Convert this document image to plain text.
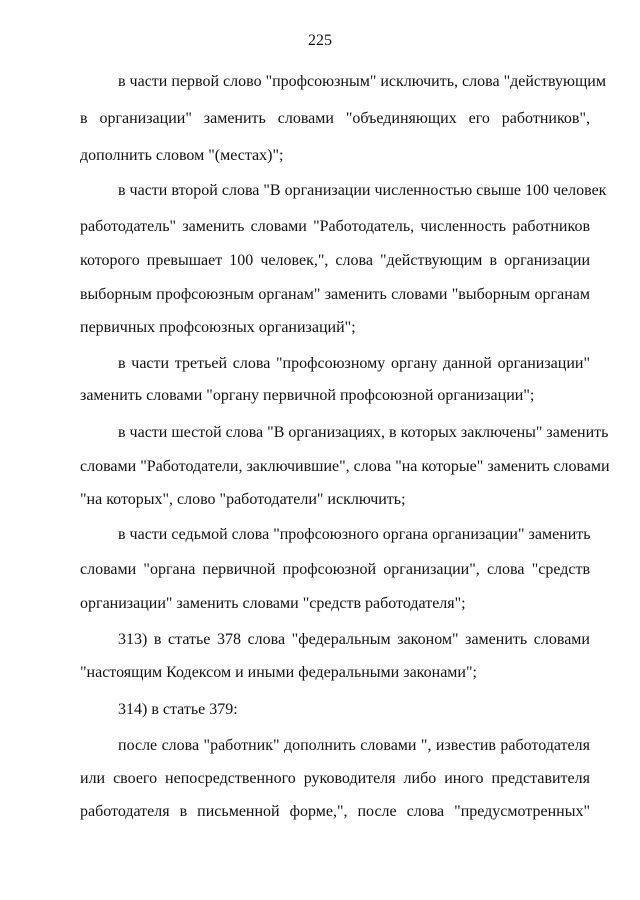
225
в части первой слово "профсоюзным" исключить, слова "действующим
в организации" заменить словами "объединяющих его работников",
дополнить словом "(местах)";
в части второй слова "В организации численностью свыше 100 человек
работодатель" заменить словами "Работодатель, численность работников
которого превышает 100 человек,", слова "действующим в организации
выборным профсоюзным органам" заменить словами "выборным органам
первичных профсоюзных организаций";
в части третьей слова "профсоюзному органу данной организации"
заменить словами "органу первичной профсоюзной организации";
в части шестой слова "В организациях, в которых заключены" заменить
словами "Работодатели, заключившие", слова "на которые" заменить словами
"на которых", слово "работодатели" исключить;
в части седьмой слова "профсоюзного органа организации" заменить
словами "органа первичной профсоюзной организации", слова "средств
организации" заменить словами "средств работодателя";
313) в статье 378 слова "федеральным законом" заменить словами
"настоящим Кодексом и иными федеральными законами";
314) в статье 379:
после слова "работник" дополнить словами ", известив работодателя
или своего непосредственного руководителя либо иного представителя
работодателя в письменной форме,", после слова "предусмотренных"
